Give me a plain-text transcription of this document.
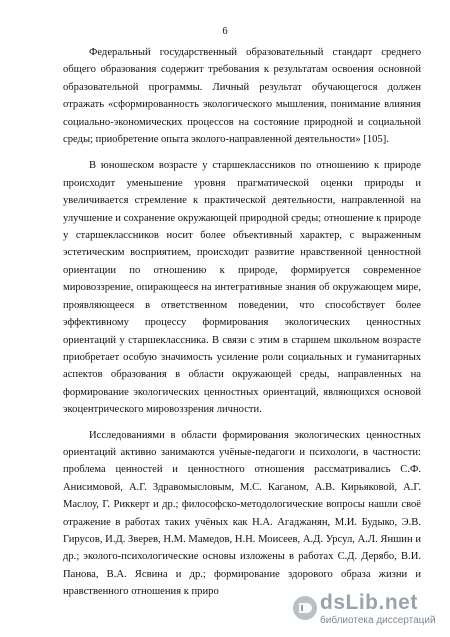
6

Федеральный государственный образовательный стандарт среднего общего образования содержит требования к результатам освоения основной образовательной программы. Личный результат обучающегося должен отражать «сформированность экологического мышления, понимание влияния социально-экономических процессов на состояние природной и социальной среды; приобретение опыта эколого-направленной деятельности» [105].

В юношеском возрасте у старшеклассников по отношению к природе происходит уменьшение уровня прагматической оценки природы и увеличивается стремление к практической деятельности, направленной на улучшение и сохранение окружающей природной среды; отношение к природе у старшеклассников носит более объективный характер, с выраженным эстетическим восприятием, происходит развитие нравственной ценностной ориентации по отношению к природе, формируется современное мировоззрение, опирающееся на интегративные знания об окружающем мире, проявляющееся в ответственном поведении, что способствует более эффективному процессу формирования экологических ценностных ориентаций у старшеклассника. В связи с этим в старшем школьном возрасте приобретает особую значимость усиление роли социальных и гуманитарных аспектов образования в области окружающей среды, направленных на формирование экологических ценностных ориентаций, являющихся основой экоцентрического мировоззрения личности.

Исследованиями в области формирования экологических ценностных ориентаций активно занимаются учёные-педагоги и психологи, в частности: проблема ценностей и ценностного отношения рассматривались С.Ф. Анисимовой, А.Г. Здравомысловым, М.С. Каганом, А.В. Кирьяковой, А.Г. Маслоу, Г. Риккерт и др.; философско-методологические вопросы нашли своё отражение в работах таких учёных как Н.А. Агаджанян, М.И. Будыко, Э.В. Гирусов, И.Д. Зверев, Н.М. Мамедов, Н.Н. Моисеев, А.Д. Урсул, А.Л. Яншин и др.; эколого-психологические основы изложены в работах С.Д. Дерябо, В.И. Панова, В.А. Ясвина и др.; формирование здорового образа жизни и нравственного отношения к приро	dsLib.net
библиотека диссертаций
